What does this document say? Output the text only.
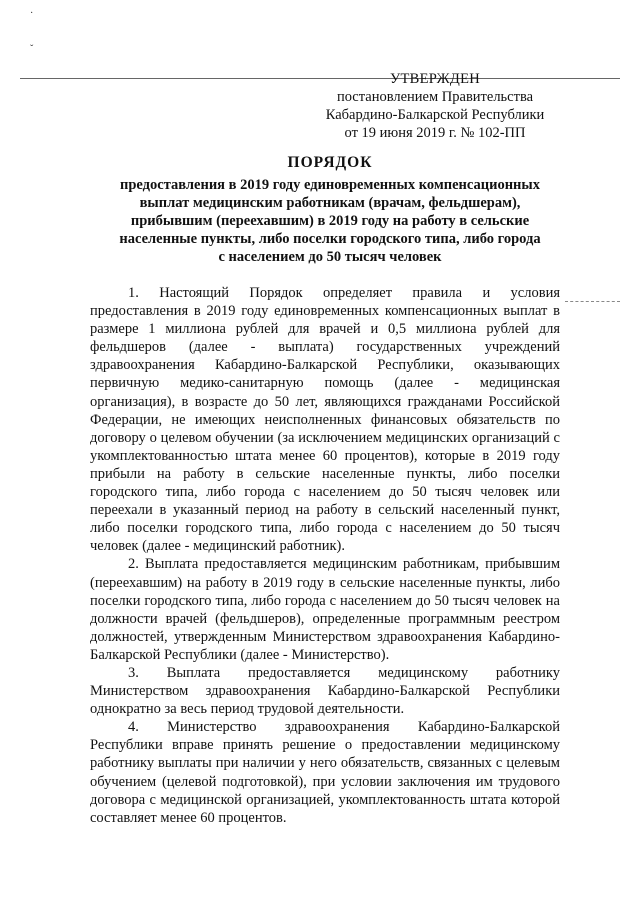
·
ˇ
УТВЕРЖДЕН
постановлением Правительства
Кабардино-Балкарской Республики
от 19 июня 2019 г. № 102-ПП
ПОРЯДОК
предоставления в 2019 году единовременных компенсационных
выплат медицинским работникам (врачам, фельдшерам),
прибывшим (переехавшим) в 2019 году на работу в сельские
населенные пункты, либо поселки городского типа, либо города
с населением до 50 тысяч человек

1. Настоящий Порядок определяет правила и условия предоставления в 2019 году единовременных компенсационных выплат в размере 1 миллиона рублей для врачей и 0,5 миллиона рублей для фельдшеров (далее - выплата) государственных учреждений здравоохранения Кабардино-Балкарской Республики, оказывающих первичную медико-санитарную помощь (далее - медицинская организация), в возрасте до 50 лет, являющихся гражданами Российской Федерации, не имеющих неисполненных финансовых обязательств по договору о целевом обучении (за исключением медицинских организаций с укомплектованностью штата менее 60 процентов), которые в 2019 году прибыли на работу в сельские населенные пункты, либо поселки городского типа, либо города с населением до 50 тысяч человек или переехали в указанный период на работу в сельский населенный пункт, либо поселки городского типа, либо города с населением до 50 тысяч человек (далее - медицинский работник).

2. Выплата предоставляется медицинским работникам, прибывшим (переехавшим) на работу в 2019 году в сельские населенные пункты, либо поселки городского типа, либо города с населением до 50 тысяч человек на должности врачей (фельдшеров), определенные программным реестром должностей, утвержденным Министерством здравоохранения Кабардино-Балкарской Республики (далее - Министерство).

3. Выплата предоставляется медицинскому работнику Министерством здравоохранения Кабардино-Балкарской Республики однократно за весь период трудовой деятельности.

4. Министерство здравоохранения Кабардино-Балкарской Республики вправе принять решение о предоставлении медицинскому работнику выплаты при наличии у него обязательств, связанных с целевым обучением (целевой подготовкой), при условии заключения им трудового договора с медицинской организацией, укомплектованность штата которой составляет менее 60 процентов.
